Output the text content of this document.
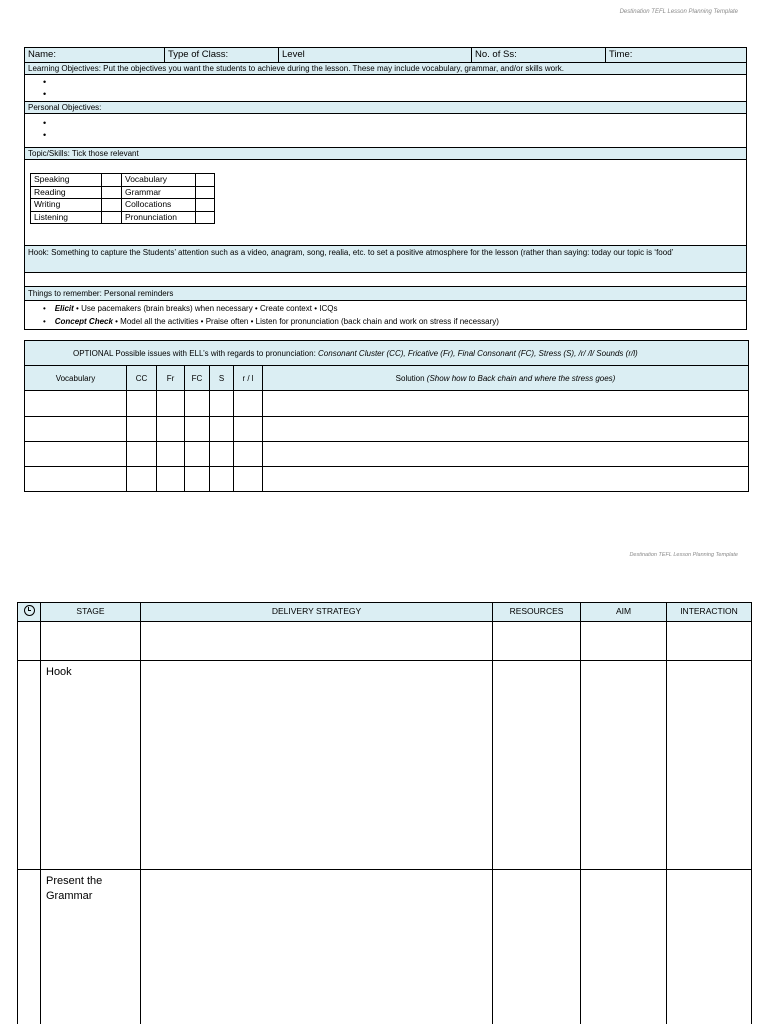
Destination TEFL Lesson Planning Template
Name:	Type of Class:	Level	No. of Ss:	Time:
Learning Objectives: Put the objectives you want the students to achieve during the lesson. These may include vocabulary, grammar, and/or skills work.
•
•
Personal Objectives:
•
•
Topic/Skills: Tick those relevant
Speaking		Vocabulary	
Reading		Grammar	
Writing		Collocations	
Listening		Pronunciation	
Hook: Something to capture the Students’ attention such as a video, anagram, song, realia, etc. to set a positive atmosphere for the lesson (rather than saying: today our topic is ‘food’
Things to remember: Personal reminders
•    Elicit • Use pacemakers (brain breaks) when necessary • Create context • ICQs
•    Concept Check • Model all the activities • Praise often • Listen for pronunciation (back chain and work on stress if necessary)
OPTIONAL Possible issues with ELL’s with regards to pronunciation: Consonant Cluster (CC), Fricative (Fr), Final Consonant (FC), Stress (S), /r/ /l/ Sounds (r/l)						
Vocabulary	CC	Fr	FC	S	r / l	Solution (Show how to Back chain and where the stress goes)

Destination TEFL Lesson Planning Template
	STAGE	DELIVERY STRATEGY	RESOURCES	AIM	INTERACTION

	Hook				
	Present the Grammar				
